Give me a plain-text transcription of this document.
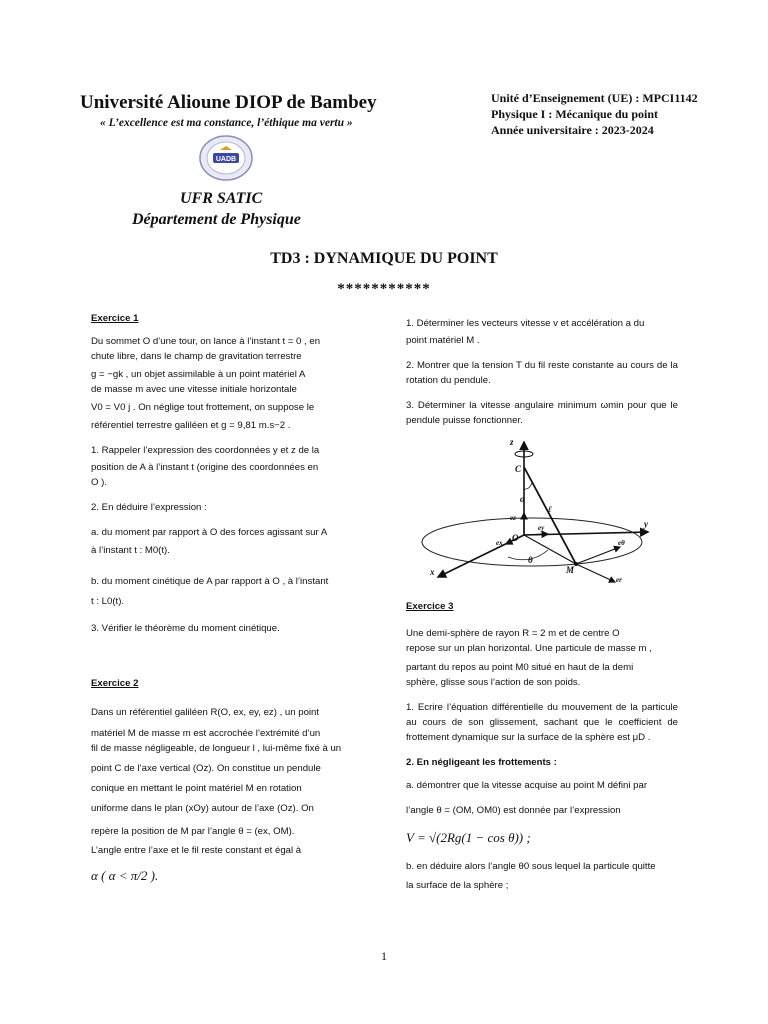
Université Alioune DIOP de Bambey
« L’excellence est ma constance, l’éthique ma vertu »
Unité d’Enseignement (UE) : MPCI1142
Physique I : Mécanique du point
Année universitaire : 2023-2024
UADB
UFR SATIC
Département de Physique
TD3 : DYNAMIQUE DU POINT
***********

Exercice 1

Du sommet O d’une tour, on lance à l’instant t = 0 , en

chute libre, dans le champ de gravitation terrestre

g = −gk , un objet assimilable à un point matériel A

de masse m avec une vitesse initiale horizontale

V0 = V0 j . On néglige tout frottement, on suppose le

référentiel terrestre galiléen et g = 9,81 m.s−2 .

1. Rappeler l’expression des coordonnées y et z de la

position de A à l’instant t (origine des coordonnées en

O ).

2. En déduire l’expression :

a. du moment par rapport à O des forces agissant sur A

à l’instant t : M0(t).

b. du moment cinétique de A par rapport à O , à l’instant

t : L0(t).

3. Vérifier le théorème du moment cinétique.

Exercice 2

Dans un référentiel galiléen R(O, ex, ey, ez) , un point

matériel M de masse m est accrochée l’extrémité d’un

fil de masse négligeable, de longueur l , lui-même fixé à un

point C de l’axe vertical (Oz). On constitue un pendule

conique en mettant le point matériel M en rotation

uniforme dans le plan (xOy) autour de l’axe (Oz). On

repère la position de M par l’angle θ = (ex, OM).

L’angle entre l’axe et le fil reste constant et égal à

α ( α < π/2 ).

1. Déterminer les vecteurs vitesse v et accélération a du

point matériel M .

2. Montrer que la tension T du fil reste constante au cours de la rotation du pendule.

3. Déterminer la vitesse angulaire minimum ωmin pour que le pendule puisse fonctionner.

z
C
α
ℓ
y
O
x	M
θ
eθ
er
ez
ey
ex

Exercice 3

Une demi-sphère de rayon R = 2 m et de centre O

repose sur un plan horizontal. Une particule de masse m ,

partant du repos au point M0 situé en haut de la demi

sphère, glisse sous l’action de son poids.

1. Ecrire l’équation différentielle du mouvement de la particule au cours de son glissement, sachant que le coefficient de frottement dynamique sur la surface de la sphère est μD .

2. En négligeant les frottements :

a. démontrer que la vitesse acquise au point M défini par

l’angle θ = (OM, OM0) est donnée par l’expression

V = √(2Rg(1 − cos θ)) ;

b. en déduire alors l’angle θ0 sous lequel la particule quitte

la surface de la sphère ;

1
